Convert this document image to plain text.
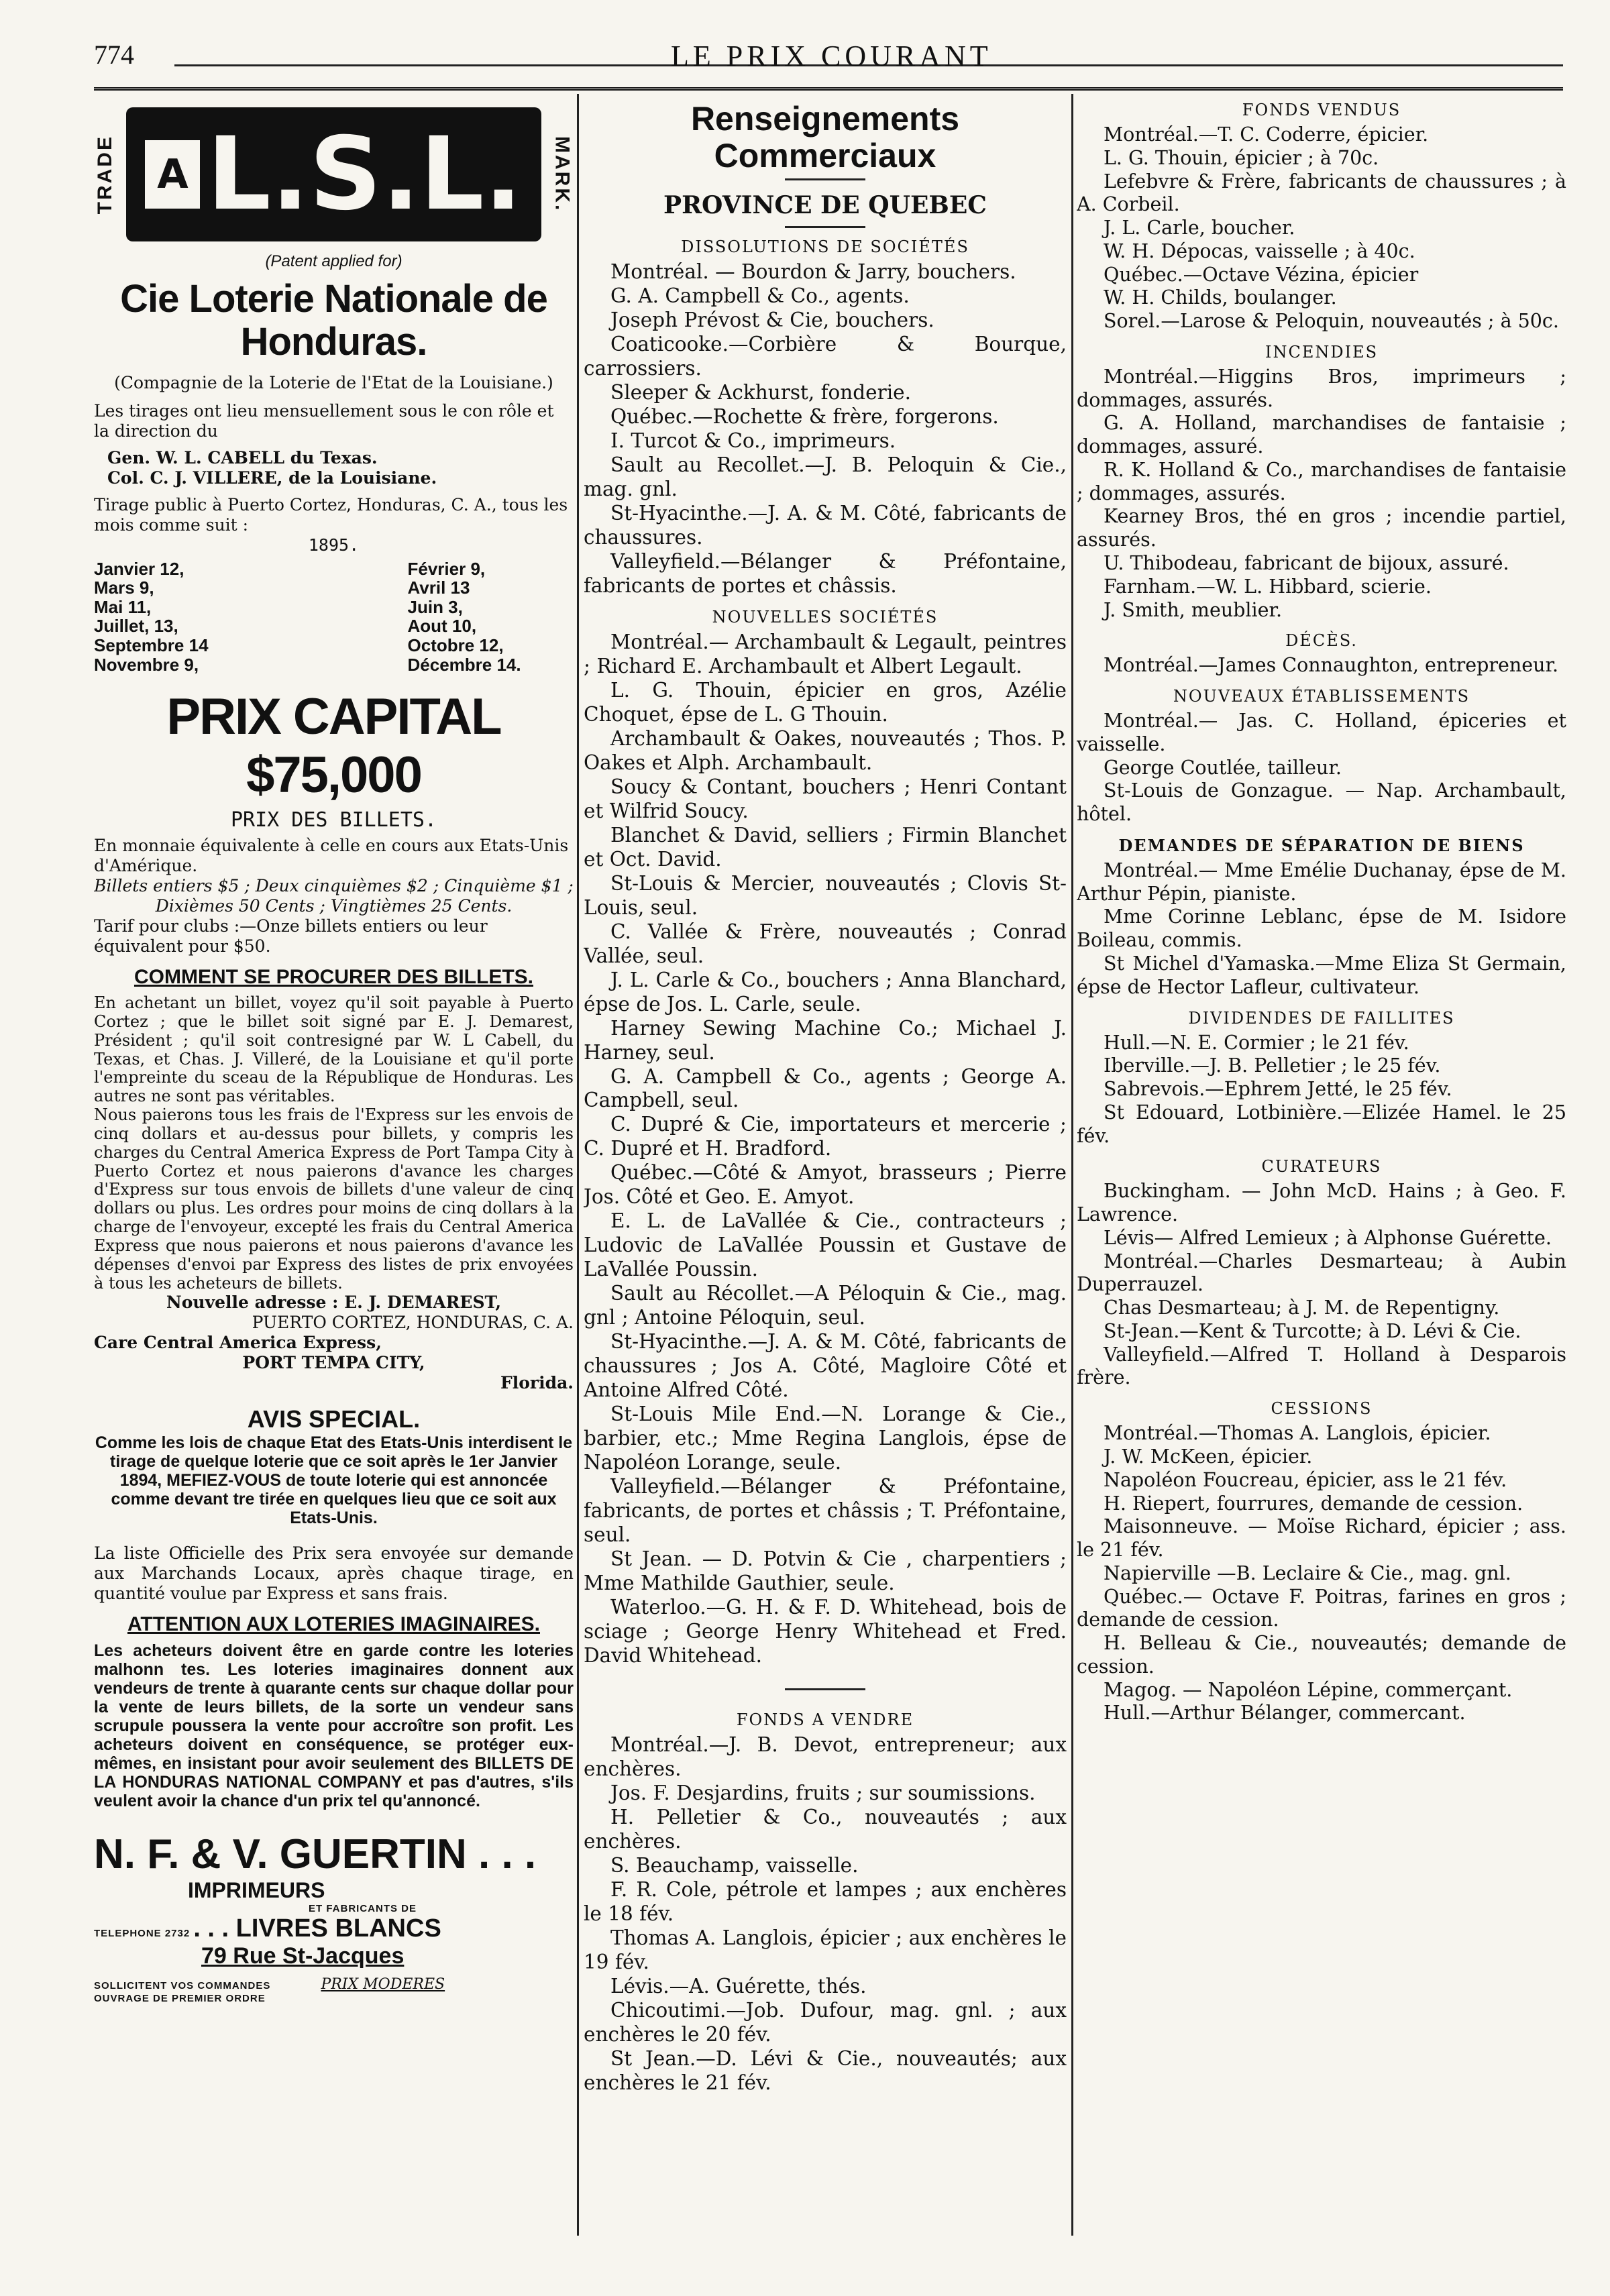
774	LE PRIX COURANT
TRADE A L.S.L. MARK.

(Patent applied for)

Cie Loterie Nationale de Honduras.

(Compagnie de la Loterie de l'Etat de la Louisiane.)

Les tirages ont lieu mensuellement sous le con rôle et la direction du

Gen. W. L. CABELL du Texas.

Col. C. J. VILLERE, de la Louisiane.

Tirage public à Puerto Cortez, Honduras, C. A., tous les mois comme suit :

1895.

Janvier 12,	Février 9,
Mars 9,	Avril 13
Mai 11,	Juin 3,
Juillet, 13,	Aout 10,
Septembre 14	Octobre 12,
Novembre 9,	Décembre 14.

PRIX CAPITAL $75,000

PRIX DES BILLETS.

En monnaie équivalente à celle en cours aux Etats-Unis d'Amérique.

Billets entiers $5 ; Deux cinquièmes $2 ; Cinquième $1 ; Dixièmes 50 Cents ; Vingtièmes 25 Cents.

Tarif pour clubs :—Onze billets entiers ou leur équivalent pour $50.

COMMENT SE PROCURER DES BILLETS.

En achetant un billet, voyez qu'il soit payable à Puerto Cortez ; que le billet soit signé par E. J. Demarest, Président ; qu'il soit contresigné par W. L Cabell, du Texas, et Chas. J. Villeré, de la Louisiane et qu'il porte l'empreinte du sceau de la République de Honduras. Les autres ne sont pas véritables.

Nous paierons tous les frais de l'Express sur les envois de cinq dollars et au-dessus pour billets, y compris les charges du Central America Express de Port Tampa City à Puerto Cortez et nous paierons d'avance les charges d'Express sur tous envois de billets d'une valeur de cinq dollars ou plus. Les ordres pour moins de cinq dollars à la charge de l'envoyeur, excepté les frais du Central America Express que nous paierons et nous paierons d'avance les dépenses d'envoi par Express des listes de prix envoyées à tous les acheteurs de billets.

Nouvelle adresse : E. J. DEMAREST,

PUERTO CORTEZ, HONDURAS, C. A.

Care Central America Express,

PORT TEMPA CITY,

Florida.

AVIS SPECIAL.

Comme les lois de chaque Etat des Etats-Unis interdisent le tirage de quelque loterie que ce soit après le 1er Janvier 1894, MEFIEZ-VOUS de toute loterie qui est annoncée comme devant tre tirée en quelques lieu que ce soit aux Etats-Unis.

La liste Officielle des Prix sera envoyée sur demande aux Marchands Locaux, après chaque tirage, en quantité voulue par Express et sans frais.

ATTENTION AUX LOTERIES IMAGINAIRES.

Les acheteurs doivent être en garde contre les loteries malhonn tes. Les loteries imaginaires donnent aux vendeurs de trente à quarante cents sur chaque dollar pour la vente de leurs billets, de la sorte un vendeur sans scrupule poussera la vente pour accroître son profit. Les acheteurs doivent en conséquence, se protéger eux-mêmes, en insistant pour avoir seulement des BILLETS DE LA HONDURAS NATIONAL COMPANY et pas d'autres, s'ils veulent avoir la chance d'un prix tel qu'annoncé.

N. F. & V. GUERTIN . . .

IMPRIMEURS

ET FABRICANTS DE

TELEPHONE 2732 . . . LIVRES BLANCS

79 Rue St-Jacques

SOLLICITENT VOS COMMANDES	PRIX MODERES

OUVRAGE DE PREMIER ORDRE

Renseignements Commerciaux

PROVINCE DE QUEBEC

DISSOLUTIONS DE SOCIÉTÉS

Montréal. — Bourdon & Jarry, bouchers.

G. A. Campbell & Co., agents.

Joseph Prévost & Cie, bouchers.

Coaticooke.—Corbière & Bourque, carrossiers.

Sleeper & Ackhurst, fonderie.

Québec.—Rochette & frère, forgerons.

I. Turcot & Co., imprimeurs.

Sault au Recollet.—J. B. Peloquin & Cie., mag. gnl.

St-Hyacinthe.—J. A. & M. Côté, fabricants de chaussures.

Valleyfield.—Bélanger & Préfontaine, fabricants de portes et châssis.

NOUVELLES SOCIÉTÉS

Montréal.— Archambault & Legault, peintres ; Richard E. Archambault et Albert Legault.

L. G. Thouin, épicier en gros, Azélie Choquet, épse de L. G Thouin.

Archambault & Oakes, nouveautés ; Thos. P. Oakes et Alph. Archambault.

Soucy & Contant, bouchers ; Henri Contant et Wilfrid Soucy.

Blanchet & David, selliers ; Firmin Blanchet et Oct. David.

St-Louis & Mercier, nouveautés ; Clovis St-Louis, seul.

C. Vallée & Frère, nouveautés ; Conrad Vallée, seul.

J. L. Carle & Co., bouchers ; Anna Blanchard, épse de Jos. L. Carle, seule.

Harney Sewing Machine Co.; Michael J. Harney, seul.

G. A. Campbell & Co., agents ; George A. Campbell, seul.

C. Dupré & Cie, importateurs et mercerie ; C. Dupré et H. Bradford.

Québec.—Côté & Amyot, brasseurs ; Pierre Jos. Côté et Geo. E. Amyot.

E. L. de LaVallée & Cie., contracteurs ; Ludovic de LaVallée Poussin et Gustave de LaVallée Poussin.

Sault au Récollet.—A Péloquin & Cie., mag. gnl ; Antoine Péloquin, seul.

St-Hyacinthe.—J. A. & M. Côté, fabricants de chaussures ; Jos A. Côté, Magloire Côté et Antoine Alfred Côté.

St-Louis Mile End.—N. Lorange & Cie., barbier, etc.; Mme Regina Langlois, épse de Napoléon Lorange, seule.

Valleyfield.—Bélanger & Préfontaine, fabricants, de portes et châssis ; T. Préfontaine, seul.

St Jean. — D. Potvin & Cie , charpentiers ; Mme Mathilde Gauthier, seule.

Waterloo.—G. H. & F. D. Whitehead, bois de sciage ; George Henry Whitehead et Fred. David Whitehead.

FONDS A VENDRE

Montréal.—J. B. Devot, entrepreneur; aux enchères.

Jos. F. Desjardins, fruits ; sur soumissions.

H. Pelletier & Co., nouveautés ; aux enchères.

S. Beauchamp, vaisselle.

F. R. Cole, pétrole et lampes ; aux enchères le 18 fév.

Thomas A. Langlois, épicier ; aux enchères le 19 fév.

Lévis.—A. Guérette, thés.

Chicoutimi.—Job. Dufour, mag. gnl. ; aux enchères le 20 fév.

St Jean.—D. Lévi & Cie., nouveautés; aux enchères le 21 fév.

FONDS VENDUS

Montréal.—T. C. Coderre, épicier.

L. G. Thouin, épicier ; à 70c.

Lefebvre & Frère, fabricants de chaussures ; à A. Corbeil.

J. L. Carle, boucher.

W. H. Dépocas, vaisselle ; à 40c.

Québec.—Octave Vézina, épicier

W. H. Childs, boulanger.

Sorel.—Larose & Peloquin, nouveautés ; à 50c.

INCENDIES

Montréal.—Higgins Bros, imprimeurs ; dommages, assurés.

G. A. Holland, marchandises de fantaisie ; dommages, assuré.

R. K. Holland & Co., marchandises de fantaisie ; dommages, assurés.

Kearney Bros, thé en gros ; incendie partiel, assurés.

U. Thibodeau, fabricant de bijoux, assuré.

Farnham.—W. L. Hibbard, scierie.

J. Smith, meublier.

DÉCÈS.

Montréal.—James Connaughton, entrepreneur.

NOUVEAUX ÉTABLISSEMENTS

Montréal.— Jas. C. Holland, épiceries et vaisselle.

George Coutlée, tailleur.

St-Louis de Gonzague. — Nap. Archambault, hôtel.

DEMANDES DE SÉPARATION DE BIENS

Montréal.— Mme Emélie Duchanay, épse de M. Arthur Pépin, pianiste.

Mme Corinne Leblanc, épse de M. Isidore Boileau, commis.

St Michel d'Yamaska.—Mme Eliza St Germain, épse de Hector Lafleur, cultivateur.

DIVIDENDES DE FAILLITES

Hull.—N. E. Cormier ; le 21 fév.

Iberville.—J. B. Pelletier ; le 25 fév.

Sabrevois.—Ephrem Jetté, le 25 fév.

St Edouard, Lotbinière.—Elizée Hamel. le 25 fév.

CURATEURS

Buckingham. — John McD. Hains ; à Geo. F. Lawrence.

Lévis— Alfred Lemieux ; à Alphonse Guérette.

Montréal.—Charles Desmarteau; à Aubin Duperrauzel.

Chas Desmarteau; à J. M. de Repentigny.

St-Jean.—Kent & Turcotte; à D. Lévi & Cie.

Valleyfield.—Alfred T. Holland à Desparois frère.

CESSIONS

Montréal.—Thomas A. Langlois, épicier.

J. W. McKeen, épicier.

Napoléon Foucreau, épicier, ass le 21 fév.

H. Riepert, fourrures, demande de cession.

Maisonneuve. — Moïse Richard, épicier ; ass. le 21 fév.

Napierville —B. Leclaire & Cie., mag. gnl.

Québec.— Octave F. Poitras, farines en gros ; demande de cession.

H. Belleau & Cie., nouveautés; demande de cession.

Magog. — Napoléon Lépine, commerçant.

Hull.—Arthur Bélanger, commercant.
